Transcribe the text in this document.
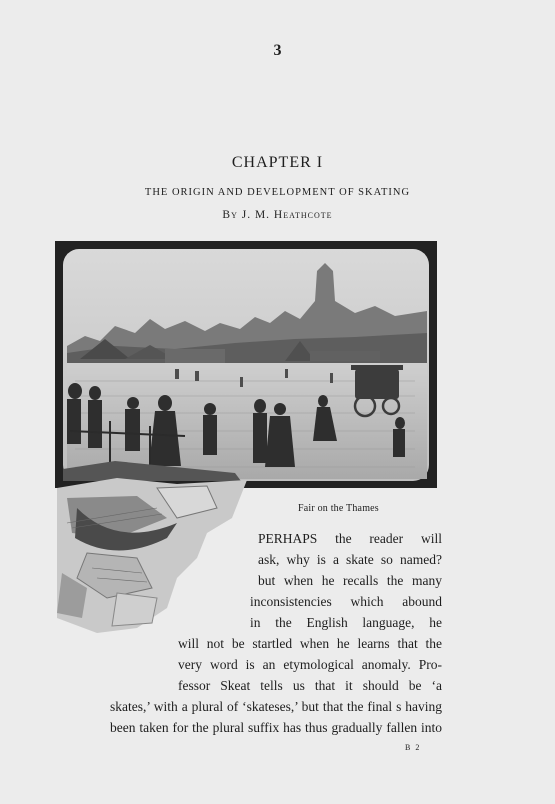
3
CHAPTER I
THE ORIGIN AND DEVELOPMENT OF SKATING
By J. M. Heathcote
Fair on the Thames
PERHAPS the reader will
ask, why is a skate so named?
but when he recalls the many
inconsistencies which abound
in the English language, he
will not be startled when he learns that the
very word is an etymological anomaly. Pro-
fessor Skeat tells us that it should be ‘a
skates,’ with a plural of ‘skateses,’ but that the final s having
been taken for the plural suffix has thus gradually fallen into
B 2
